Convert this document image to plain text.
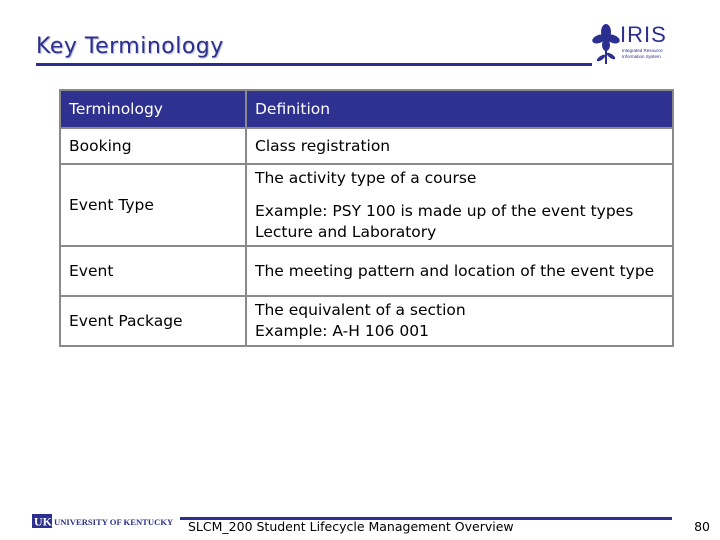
Key Terminology	IRIS
Integrated Resource Information System
Terminology	Definition
Booking	Class registration

Event Type	The activity type of a course
Example: PSY 100 is made up of the event types Lecture and Laboratory

Event	The meeting pattern and location of the event type

Event Package	The equivalent of a section
Example: A-H 106 001
UK UNIVERSITY OF KENTUCKY SLCM_200 Student Lifecycle Management Overview	80
